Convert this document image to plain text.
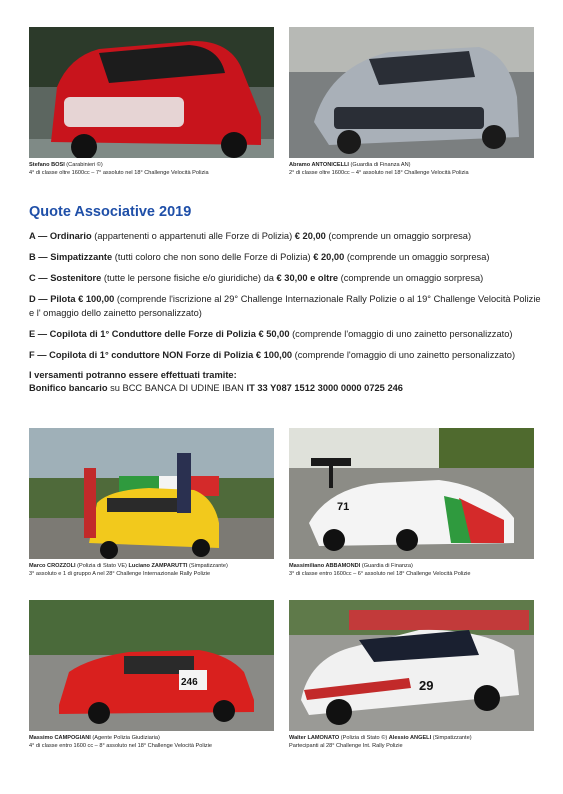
Stefano BOSI (Carabinieri ©)
4° di classe oltre 1600cc – 7° assoluto nel 18° Challenge Velocità Polizia
Abramo ANTONICELLI (Guardia di Finanza AN)
2° di classe oltre 1600cc – 4° assoluto nel 18° Challenge Velocità Polizia
Quote Associative 2019
A — Ordinario (appartenenti o appartenuti alle Forze di Polizia) € 20,00 (comprende un omaggio sorpresa)
B — Simpatizzante (tutti coloro che non sono delle Forze di Polizia) € 20,00 (comprende un omaggio sorpresa)
C — Sostenitore (tutte le persone fisiche e/o giuridiche) da € 30,00 e oltre (comprende un omaggio sorpresa)
D — Pilota € 100,00 (comprende l'iscrizione al 29° Challenge Internazionale Rally Polizie o al 19° Challenge Velocità Polizie e l' omaggio dello zainetto personalizzato)
E — Copilota di 1° Conduttore delle Forze di Polizia € 50,00 (comprende l'omaggio di uno zainetto personalizzato)
F — Copilota di 1° conduttore NON Forze di Polizia € 100,00 (comprende l'omaggio di uno zainetto personalizzato)
I versamenti potranno essere effettuati tramite:
Bonifico bancario su BCC BANCA DI UDINE IBAN IT 33 Y087 1512 3000 0000 0725 246
Marco CROZZOLI (Polizia di Stato VE) Luciano ZAMPARUTTI (Simpatizzante)
3° assoluto e 1 di gruppo A nel 28° Challenge Internazionale Rally Polizie
71
Massimiliano ABBAMONDI (Guardia di Finanza)
3° di classe entro 1600cc – 6° assoluto nel 18° Challenge Velocità Polizie
246
Massimo CAMPOGIANI (Agente Polizia Giudiziaria)
4° di classe entro 1600 cc – 8° assoluto nel 18° Challenge Velocità Polizie
29
Walter LAMONATO (Polizia di Stato ©) Alessio ANGELI (Simpatizzante)
Partecipanti al 28° Challenge Int. Rally Polizie
